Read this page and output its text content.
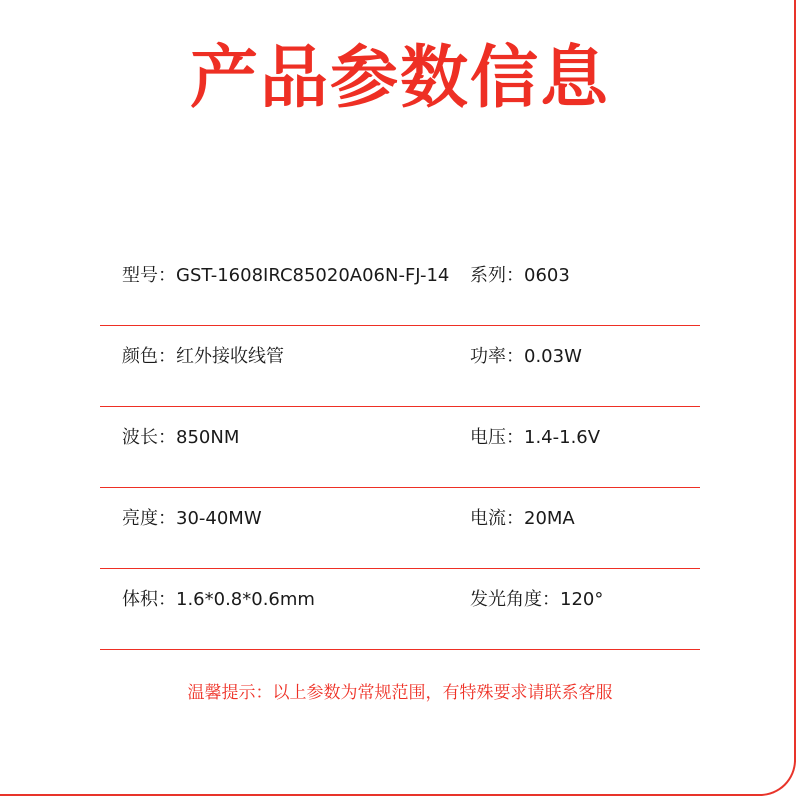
产品参数信息
型号：GST-1608IRC85020A06N-FJ-14	系列：0603
颜色：红外接收线管	功率：0.03W
波长：850NM	电压：1.4-1.6V
亮度：30-40MW	电流：20MA
体积：1.6*0.8*0.6mm	发光角度：120°
温馨提示：以上参数为常规范围，有特殊要求请联系客服
